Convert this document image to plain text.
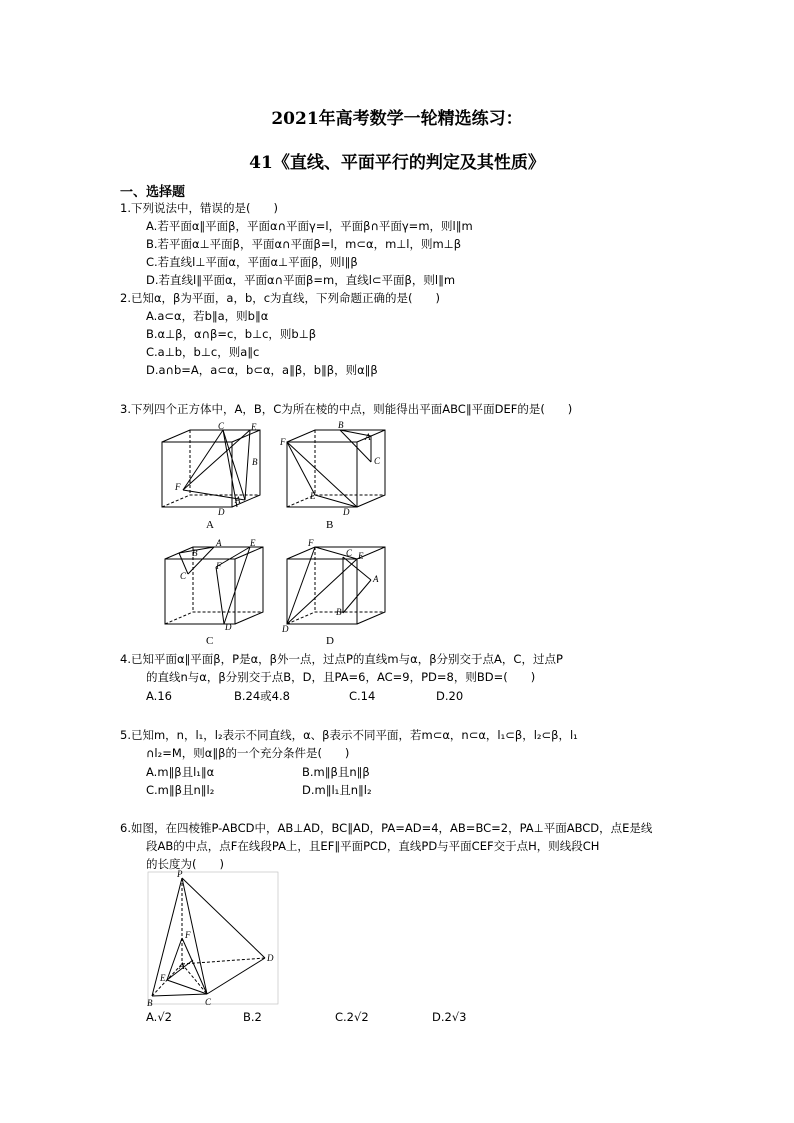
2021年高考数学一轮精选练习：
41《直线、平面平行的判定及其性质》
一、选择题
1.下列说法中，错误的是(　　)
A.若平面α∥平面β，平面α∩平面γ=l，平面β∩平面γ=m，则l∥m
B.若平面α⊥平面β，平面α∩平面β=l，m⊂α，m⊥l，则m⊥β
C.若直线l⊥平面α，平面α⊥平面β，则l∥β
D.若直线l∥平面α，平面α∩平面β=m，直线l⊂平面β，则l∥m
2.已知α，β为平面，a，b，c为直线，下列命题正确的是(　　)
A.a⊂α，若b∥a，则b∥α
B.α⊥β，α∩β=c，b⊥c，则b⊥β
C.a⊥b，b⊥c，则a∥c
D.a∩b=A，a⊂α，b⊂α，a∥β，b∥β，则α∥β
3.下列四个正方体中，A，B，C为所在棱的中点，则能得出平面ABC∥平面DEF的是(　　)
C	E
B
F
A
D
A
B
A
C
F
E
D
B
B
A	E
C
F
D
C
F
C
A
B
E
D
D
4.已知平面α∥平面β，P是α，β外一点，过点P的直线m与α，β分别交于点A，C，过点P
的直线n与α，β分别交于点B，D，且PA=6，AC=9，PD=8，则BD=(　　)
A.16	B.24或4.8	C.14	D.20
5.已知m，n，l₁，l₂表示不同直线，α、β表示不同平面，若m⊂α，n⊂α，l₁⊂β，l₂⊂β，l₁
∩l₂=M，则α∥β的一个充分条件是(　　)
A.m∥β且l₁∥α	B.m∥β且n∥β
C.m∥β且n∥l₂	D.m∥l₁且n∥l₂
6.如图，在四棱锥P-ABCD中，AB⊥AD，BC∥AD，PA=AD=4，AB=BC=2，PA⊥平面ABCD，点E是线
段AB的中点，点F在线段PA上，且EF∥平面PCD，直线PD与平面CEF交于点H，则线段CH
的长度为(　　)
P
F
A
E
D
B	C
A.√2	B.2	C.2√2	D.2√3
